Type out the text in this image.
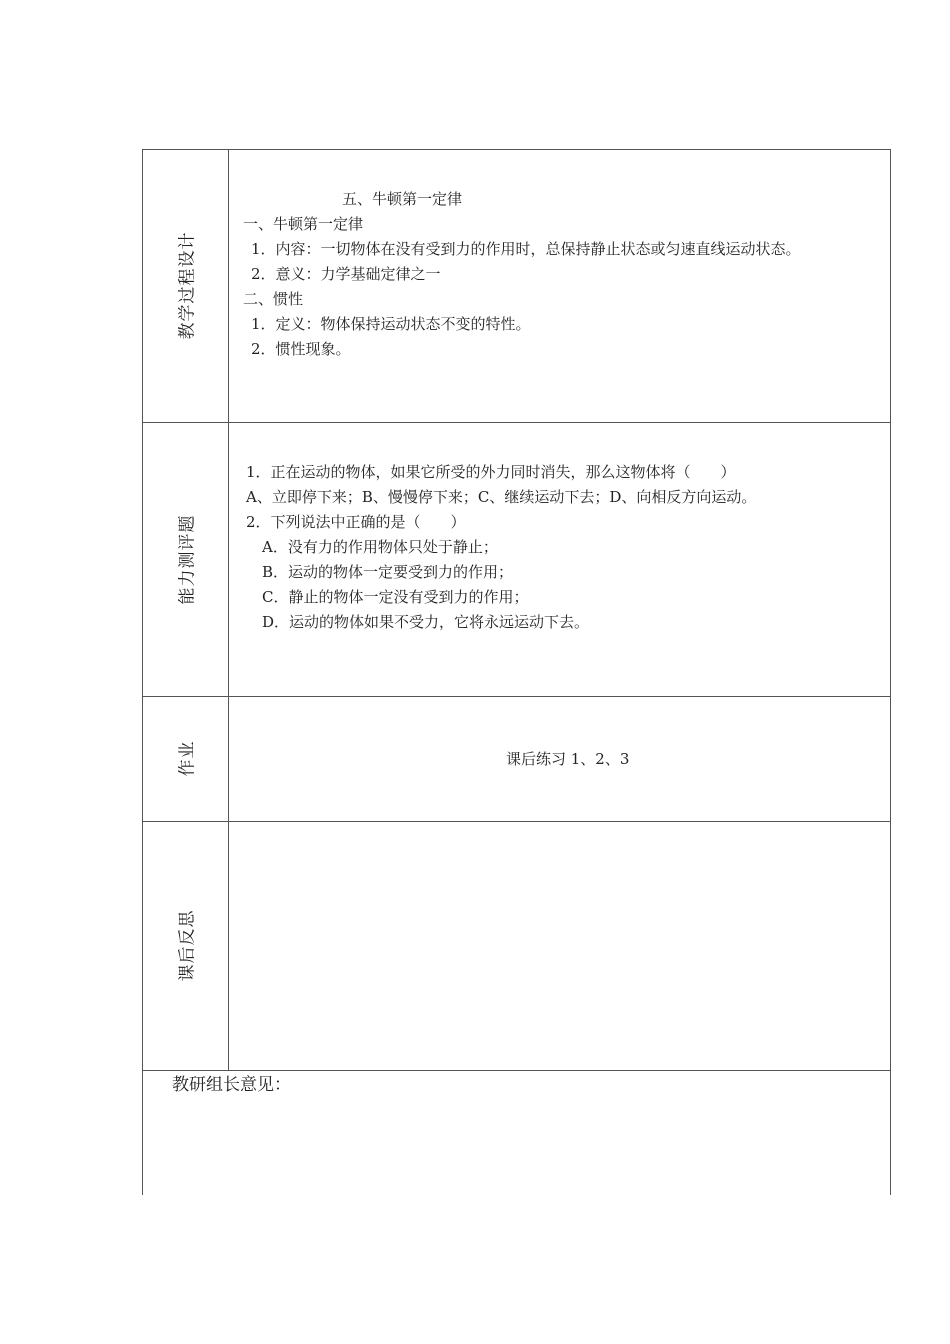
教学过程设计
五、牛顿第一定律
一、牛顿第一定律
1．内容：一切物体在没有受到力的作用时，总保持静止状态或匀速直线运动状态。
2．意义：力学基础定律之一
二、惯性
1．定义：物体保持运动状态不变的特性。
2．惯性现象。
能力测评题
1．正在运动的物体，如果它所受的外力同时消失，那么这物体将（　　）
A、立即停下来；B、慢慢停下来；C、继续运动下去；D、向相反方向运动。
2．下列说法中正确的是（　　）
A．没有力的作用物体只处于静止；
B．运动的物体一定要受到力的作用；
C．静止的物体一定没有受到力的作用；
D．运动的物体如果不受力，它将永远运动下去。
作业	课后练习 1、2、3
课后反思
教研组长意见：
